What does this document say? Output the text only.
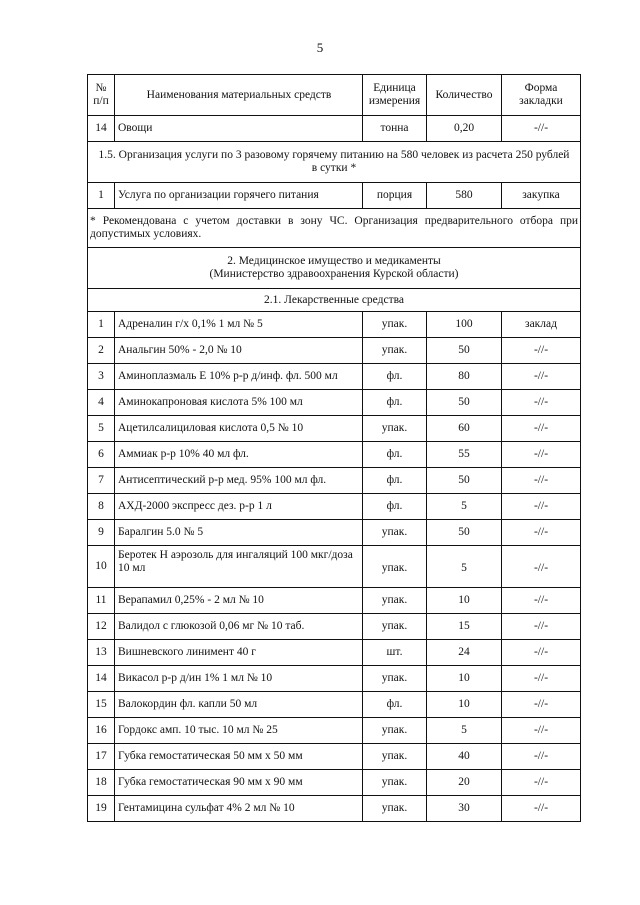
5
№ п/п	Наименования материальных средств	Единица измерения	Количество	Форма закладки
14	Овощи	тонна	0,20	-//-
1.5. Организация услуги по 3 разовому горячему питанию на 580 человек из расчета 250 рублей в сутки *				
1	Услуга по организации горячего питания	порция	580	закупка
* Рекомендована с учетом доставки в зону ЧС. Организация предварительного отбора при допустимых условиях.				

2. Медицинское имущество и медикаменты
(Министерство здравоохранения Курской области)				

2.1. Лекарственные средства				
1	Адреналин г/х 0,1% 1 мл № 5	упак.	100	заклад
2	Анальгин 50% - 2,0 № 10	упак.	50	-//-
3	Аминоплазмаль Е 10% р-р д/инф. фл. 500 мл	фл.	80	-//-
4	Аминокапроновая кислота 5% 100 мл	фл.	50	-//-
5	Ацетилсалициловая кислота 0,5 № 10	упак.	60	-//-
6	Аммиак р-р 10% 40 мл фл.	фл.	55	-//-
7	Антисептический р-р мед. 95% 100 мл фл.	фл.	50	-//-
8	АХД-2000 экспресс дез. р-р 1 л	фл.	5	-//-
9	Баралгин 5.0 № 5	упак.	50	-//-
10	Беротек Н аэрозоль для ингаляций 100 мкг/доза 10 мл	упак.	5	-//-
11	Верапамил 0,25% - 2 мл № 10	упак.	10	-//-
12	Валидол с глюкозой 0,06 мг № 10 таб.	упак.	15	-//-
13	Вишневского линимент 40 г	шт.	24	-//-
14	Викасол р-р д/ин 1% 1 мл № 10	упак.	10	-//-
15	Валокордин фл. капли 50 мл	фл.	10	-//-
16	Гордокс амп. 10 тыс. 10 мл № 25	упак.	5	-//-
17	Губка гемостатическая 50 мм х 50 мм	упак.	40	-//-
18	Губка гемостатическая 90 мм х 90 мм	упак.	20	-//-
19	Гентамицина сульфат 4% 2 мл № 10	упак.	30	-//-
